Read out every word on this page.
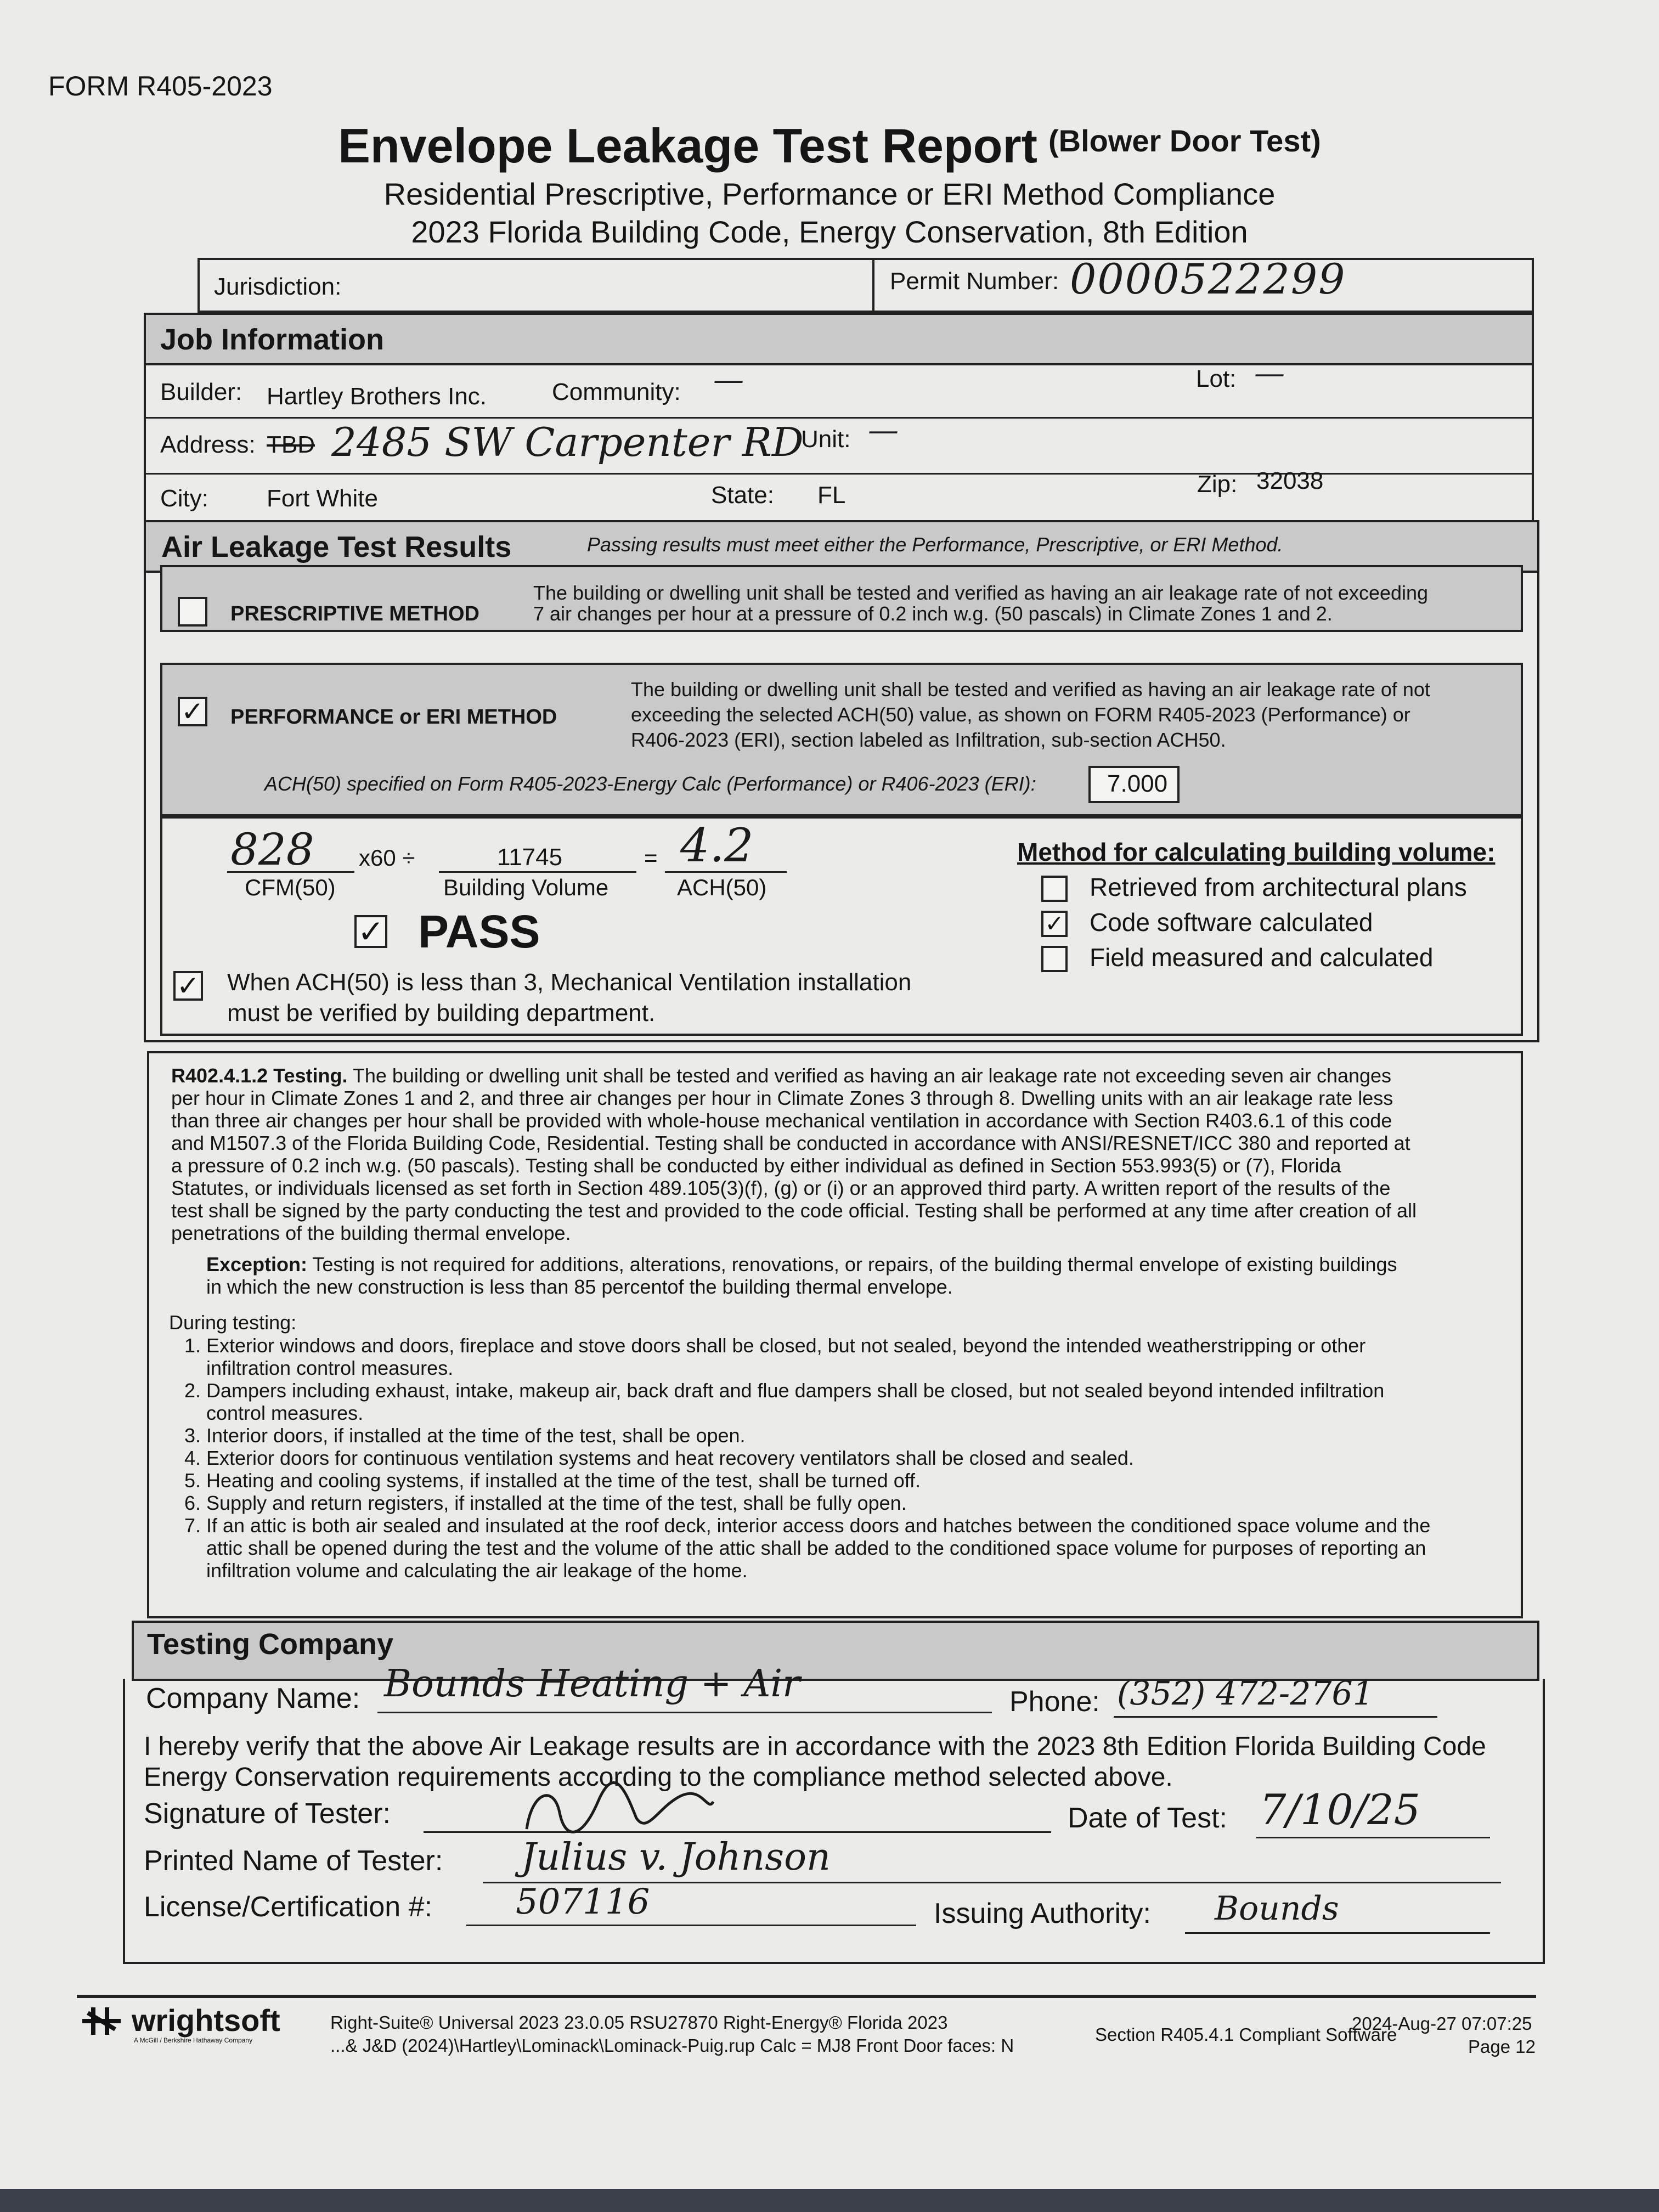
FORM R405-2023
Envelope Leakage Test Report $^{(Blower Door Test)}$
Residential Prescriptive, Performance or ERI Method Compliance
2023 Florida Building Code, Energy Conservation, 8th Edition
Jurisdiction:	Permit Number: 0000522299
Job Information
Builder: Hartley Brothers Inc.	Community: —	Lot: —
Address: TBD 2485 SW Carpenter RD
Unit: —
City: Fort White	State: FL	Zip: 32038
Air Leakage Test Results	Passing results must meet either the Performance, Prescriptive, or ERI Method.
PRESCRIPTIVE METHOD
The building or dwelling unit shall be tested and verified as having an air leakage rate of not exceeding
7 air changes per hour at a pressure of 0.2 inch w.g. (50 pascals) in Climate Zones 1 and 2.
✓ PERFORMANCE or ERI METHOD
The building or dwelling unit shall be tested and verified as having an air leakage rate of not
exceeding the selected ACH(50) value, as shown on FORM R405-2023 (Performance) or
R406-2023 (ERI), section labeled as Infiltration, sub-section ACH50.
ACH(50) specified on Form R405-2023-Energy Calc (Performance) or R406-2023 (ERI):	7.000
828
CFM(50)
x60 ÷	11745
Building Volume
= 4.2
ACH(50)
✓ PASS
✓ When ACH(50) is less than 3, Mechanical Ventilation installation
must be verified by building department.
Method for calculating building volume:
Retrieved from architectural plans
✓ Code software calculated
Field measured and calculated
R402.4.1.2 Testing. The building or dwelling unit shall be tested and verified as having an air leakage rate not exceeding seven air changes per hour in Climate Zones 1 and 2, and three air changes per hour in Climate Zones 3 through 8. Dwelling units with an air leakage rate less than three air changes per hour shall be provided with whole-house mechanical ventilation in accordance with Section R403.6.1 of this code and M1507.3 of the Florida Building Code, Residential. Testing shall be conducted in accordance with ANSI/RESNET/ICC 380 and reported at a pressure of 0.2 inch w.g. (50 pascals). Testing shall be conducted by either individual as defined in Section 553.993(5) or (7), Florida Statutes, or individuals licensed as set forth in Section 489.105(3)(f), (g) or (i) or an approved third party. A written report of the results of the test shall be signed by the party conducting the test and provided to the code official. Testing shall be performed at any time after creation of all penetrations of the building thermal envelope.
Exception: Testing is not required for additions, alterations, renovations, or repairs, of the building thermal envelope of existing buildings in which the new construction is less than 85 percentof the building thermal envelope.
During testing:
1. Exterior windows and doors, fireplace and stove doors shall be closed, but not sealed, beyond the intended weatherstripping or other infiltration control measures.
2. Dampers including exhaust, intake, makeup air, back draft and flue dampers shall be closed, but not sealed beyond intended infiltration control measures.
3. Interior doors, if installed at the time of the test, shall be open.
4. Exterior doors for continuous ventilation systems and heat recovery ventilators shall be closed and sealed.
5. Heating and cooling systems, if installed at the time of the test, shall be turned off.
6. Supply and return registers, if installed at the time of the test, shall be fully open.
7. If an attic is both air sealed and insulated at the roof deck, interior access doors and hatches between the conditioned space volume and the attic shall be opened during the test and the volume of the attic shall be added to the conditioned space volume for purposes of reporting an infiltration volume and calculating the air leakage of the home.
Testing Company
Company Name: Bounds Heating + Air	Phone: (352) 472-2761
I hereby verify that the above Air Leakage results are in accordance with the 2023 8th Edition Florida Building Code
Energy Conservation requirements according to the compliance method selected above.
Signature of Tester:	Date of Test: 7/10/25
Printed Name of Tester: Julius v. Johnson
License/Certification #: 507116	Issuing Authority: Bounds
wrightsoft
A McGill / Berkshire Hathaway Company
Right-Suite® Universal 2023 23.0.05 RSU27870 Right-Energy® Florida 2023
...& J&D (2024)\Hartley\Lominack\Lominack-Puig.rup Calc = MJ8 Front Door faces: N
Section R405.4.1 Compliant Software
2024-Aug-27 07:07:25
Page 12
